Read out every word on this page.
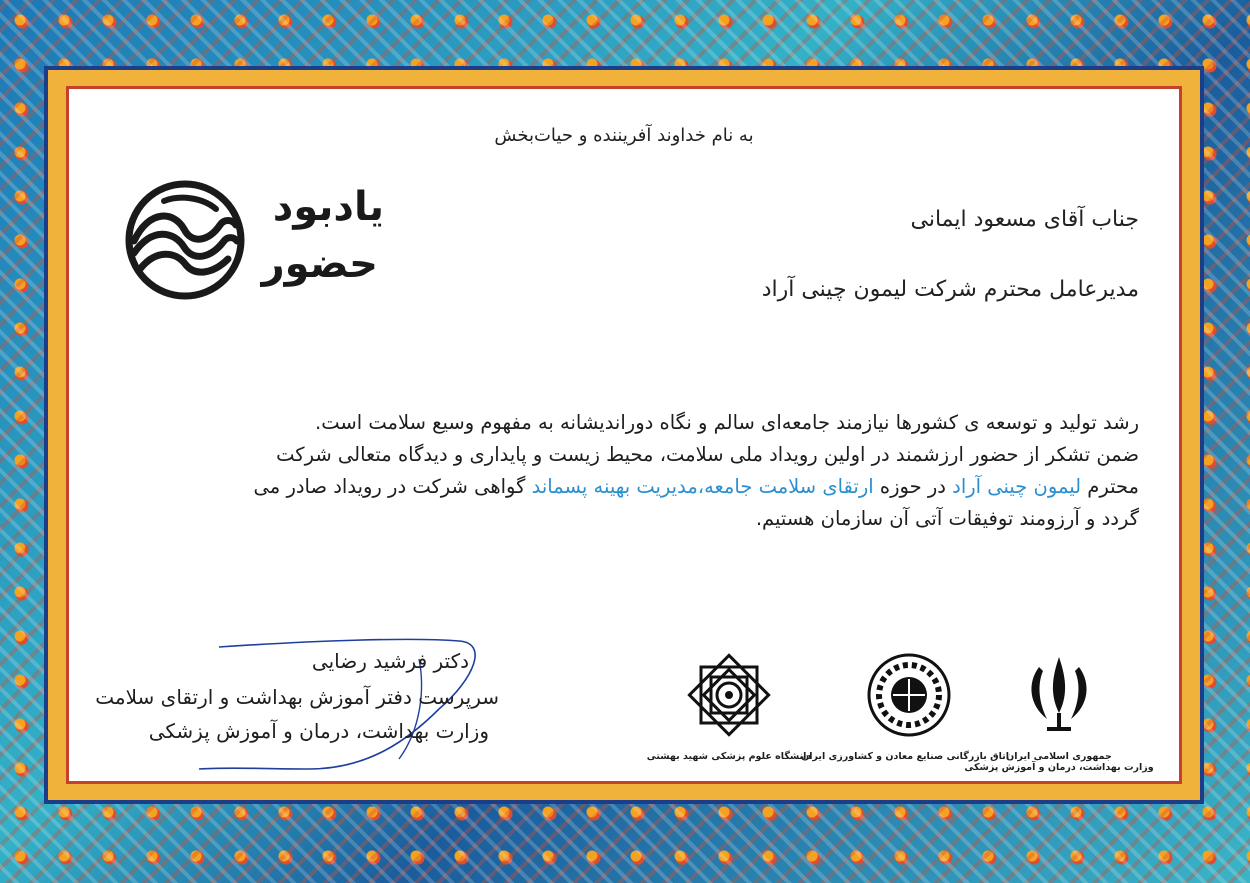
به نام خداوند آفریننده و حیات‌بخش
یادبود
حضور
جناب آقای مسعود ایمانی
مدیرعامل محترم شرکت لیمون چینی آراد
رشد تولید و توسعه ی کشورها نیازمند جامعه‌ای سالم و نگاه دوراندیشانه به مفهوم وسیع سلامت است.
ضمن تشکر از حضور ارزشمند در اولین رویداد ملی سلامت، محیط زیست و پایداری و دیدگاه متعالی شرکت
محترم لیمون چینی آراد در حوزه ارتقای سلامت جامعه،مدیریت بهینه پسماند گواهی شرکت در رویداد صادر می
گردد و آرزومند توفیقات آتی آن سازمان هستیم.
دکتر فرشید رضایی
سرپرست دفتر آموزش بهداشت و ارتقای سلامت
وزارت بهداشت، درمان و آموزش پزشکی
دانشگاه علوم پزشکی شهید بهشتی
اتاق بازرگانی صنایع معادن و کشاورزی ایران
جمهوری اسلامی ایران
وزارت بهداشت، درمان و آموزش پزشکی
